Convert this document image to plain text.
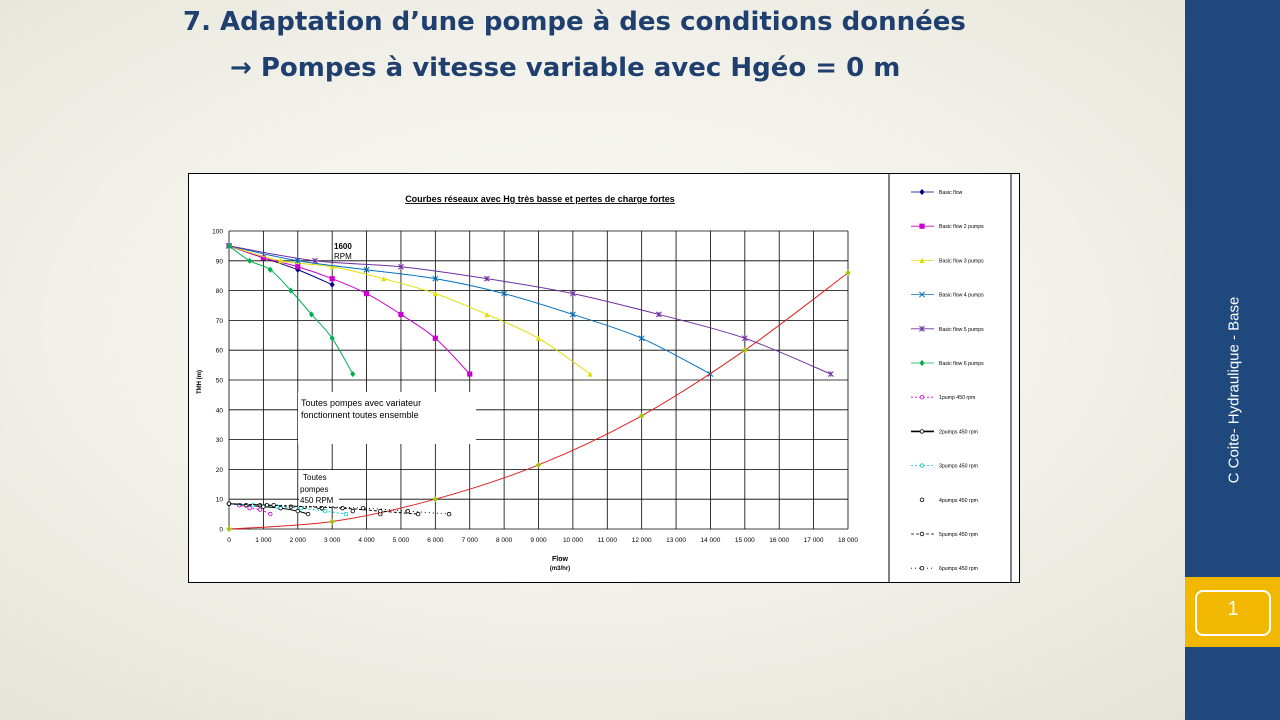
7. Adaptation d’une pompe à des conditions données
→ Pompes à vitesse variable avec Hgéo = 0 m
Courbes réseaux avec Hg très basse et pertes de charge fortes
Flow
(m3/hr)
TMH (m)
0	1 000	2 000	3 000	4 000	5 000	6 000	7 000	8 000	9 000	10 000 11 000 12 000 13 000 14 000 15 000 16 000 17 000 18 000
0
10
20
30
40
50
60
70
80
90
100
1600
RPM
Toutes pompes avec variateur
fonctionnent toutes ensemble
Toutes
pompes
450 RPM
Basic flow
Basic flow 2 pumps
Basic flow 3 pumps
Basic flow 4 pumps
Basic flow 5 pumps
Basic flow 6 pumps
1pump 450 rpm
2pumps 450 rpm
3pumps 450 rpm
4pumps 450 rpm
5pumps 450 rpm
6pumps 450 rpm
C Coite- Hydraulique - Base
1
